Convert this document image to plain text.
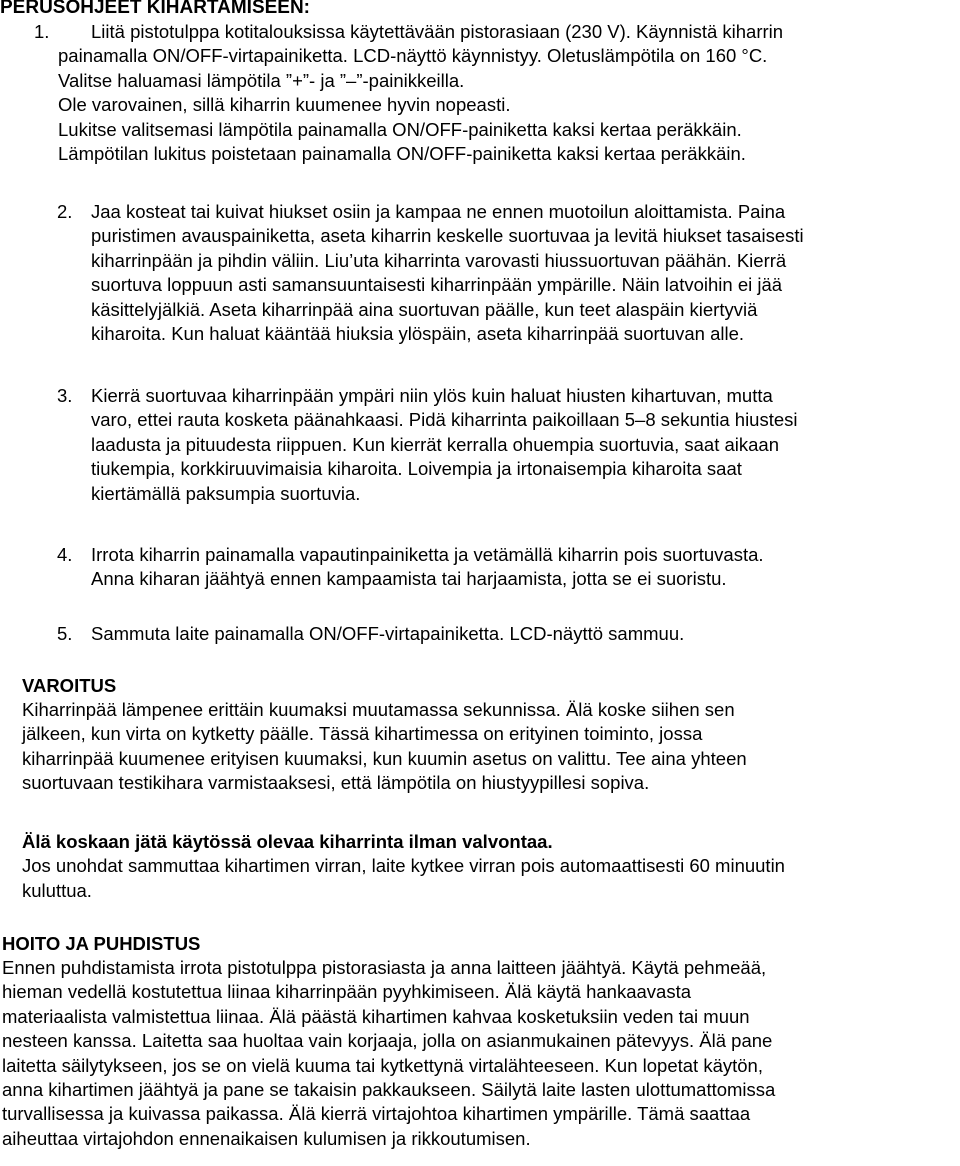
PERUSOHJEET KIHARTAMISEEN:
1.	Liitä pistotulppa kotitalouksissa käytettävään pistorasiaan (230 V). Käynnistä kiharrin
painamalla ON/OFF-virtapainiketta. LCD-näyttö käynnistyy. Oletuslämpötila on 160 °C.
Valitse haluamasi lämpötila ”+”- ja ”–”-painikkeilla.
Ole varovainen, sillä kiharrin kuumenee hyvin nopeasti.
Lukitse valitsemasi lämpötila painamalla ON/OFF-painiketta kaksi kertaa peräkkäin.
Lämpötilan lukitus poistetaan painamalla ON/OFF-painiketta kaksi kertaa peräkkäin.
2. Jaa kosteat tai kuivat hiukset osiin ja kampaa ne ennen muotoilun aloittamista. Paina
puristimen avauspainiketta, aseta kiharrin keskelle suortuvaa ja levitä hiukset tasaisesti
kiharrinpään ja pihdin väliin. Liu’uta kiharrinta varovasti hiussuortuvan päähän. Kierrä
suortuva loppuun asti samansuuntaisesti kiharrinpään ympärille. Näin latvoihin ei jää
käsittelyjälkiä. Aseta kiharrinpää aina suortuvan päälle, kun teet alaspäin kiertyviä
kiharoita. Kun haluat kääntää hiuksia ylöspäin, aseta kiharrinpää suortuvan alle.
3. Kierrä suortuvaa kiharrinpään ympäri niin ylös kuin haluat hiusten kihartuvan, mutta
varo, ettei rauta kosketa päänahkaasi. Pidä kiharrinta paikoillaan 5–8 sekuntia hiustesi
laadusta ja pituudesta riippuen. Kun kierrät kerralla ohuempia suortuvia, saat aikaan
tiukempia, korkkiruuvimaisia kiharoita. Loivempia ja irtonaisempia kiharoita saat
kiertämällä paksumpia suortuvia.
4. Irrota kiharrin painamalla vapautinpainiketta ja vetämällä kiharrin pois suortuvasta.
Anna kiharan jäähtyä ennen kampaamista tai harjaamista, jotta se ei suoristu.
5. Sammuta laite painamalla ON/OFF-virtapainiketta. LCD-näyttö sammuu.
VAROITUS
Kiharrinpää lämpenee erittäin kuumaksi muutamassa sekunnissa. Älä koske siihen sen
jälkeen, kun virta on kytketty päälle. Tässä kihartimessa on erityinen toiminto, jossa
kiharrinpää kuumenee erityisen kuumaksi, kun kuumin asetus on valittu. Tee aina yhteen
suortuvaan testikihara varmistaaksesi, että lämpötila on hiustyypillesi sopiva.
Älä koskaan jätä käytössä olevaa kiharrinta ilman valvontaa.
Jos unohdat sammuttaa kihartimen virran, laite kytkee virran pois automaattisesti 60 minuutin
kuluttua.
HOITO JA PUHDISTUS
Ennen puhdistamista irrota pistotulppa pistorasiasta ja anna laitteen jäähtyä. Käytä pehmeää,
hieman vedellä kostutettua liinaa kiharrinpään pyyhkimiseen. Älä käytä hankaavasta
materiaalista valmistettua liinaa. Älä päästä kihartimen kahvaa kosketuksiin veden tai muun
nesteen kanssa. Laitetta saa huoltaa vain korjaaja, jolla on asianmukainen pätevyys. Älä pane
laitetta säilytykseen, jos se on vielä kuuma tai kytkettynä virtalähteeseen. Kun lopetat käytön,
anna kihartimen jäähtyä ja pane se takaisin pakkaukseen. Säilytä laite lasten ulottumattomissa
turvallisessa ja kuivassa paikassa. Älä kierrä virtajohtoa kihartimen ympärille. Tämä saattaa
aiheuttaa virtajohdon ennenaikaisen kulumisen ja rikkoutumisen.
